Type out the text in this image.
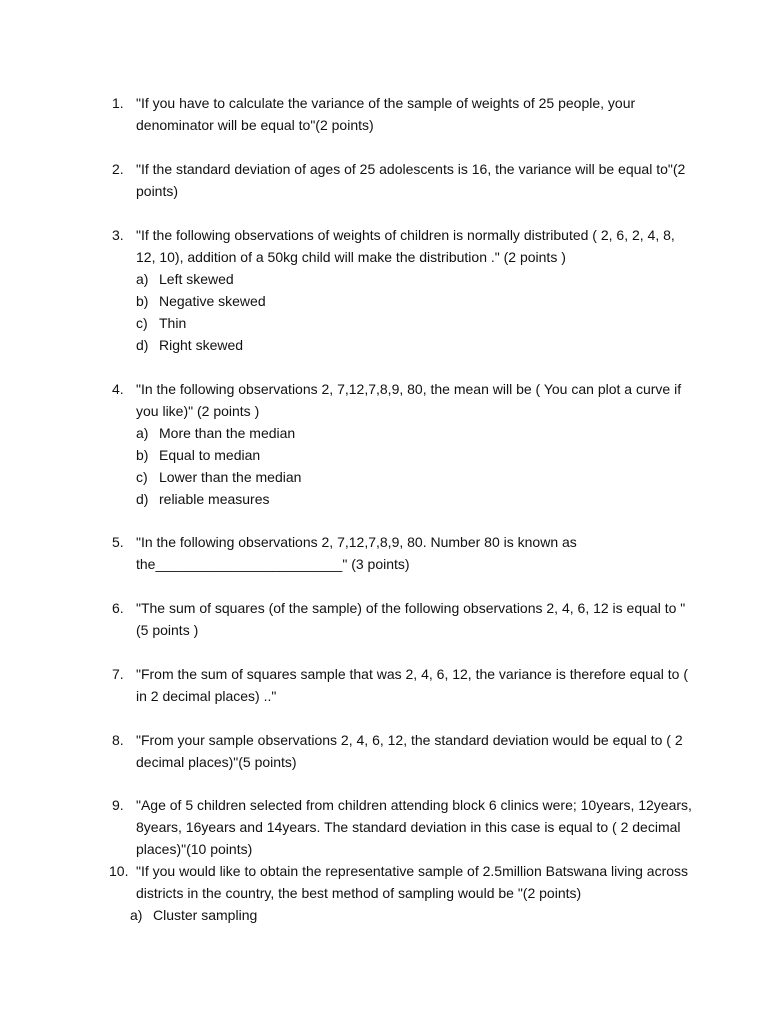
1. "If you have to calculate the variance of the sample of weights of 25 people, your denominator will be equal to"(2 points)
2. "If the standard deviation of ages of 25 adolescents is 16, the variance will be equal to"(2 points)
3. "If the following observations of weights of children is normally distributed ( 2, 6, 2, 4, 8, 12, 10), addition of a 50kg child will make the distribution ." (2 points )
a) Left skewed
b) Negative skewed
c) Thin
d) Right skewed
4. "In the following observations 2, 7,12,7,8,9, 80, the mean will be ( You can plot a curve if you like)" (2 points )
a) More than the median
b) Equal to median
c) Lower than the median
d) reliable measures
5. "In the following observations 2, 7,12,7,8,9, 80. Number 80 is known as the________________________" (3 points)
6. "The sum of squares (of the sample) of the following observations 2, 4, 6, 12 is equal to "(5 points )
7. "From the sum of squares sample that was 2, 4, 6, 12, the variance is therefore equal to ( in 2 decimal places) .."
8. "From your sample observations 2, 4, 6, 12, the standard deviation would be equal to ( 2 decimal places)"(5 points)
9. "Age of 5 children selected from children attending block 6 clinics were; 10years, 12years, 8years, 16years and 14years. The standard deviation in this case is equal to ( 2 decimal places)"(10 points)
10. "If you would like to obtain the representative sample of 2.5million Batswana living across districts in the country, the best method of sampling would be "(2 points)
a) Cluster sampling
